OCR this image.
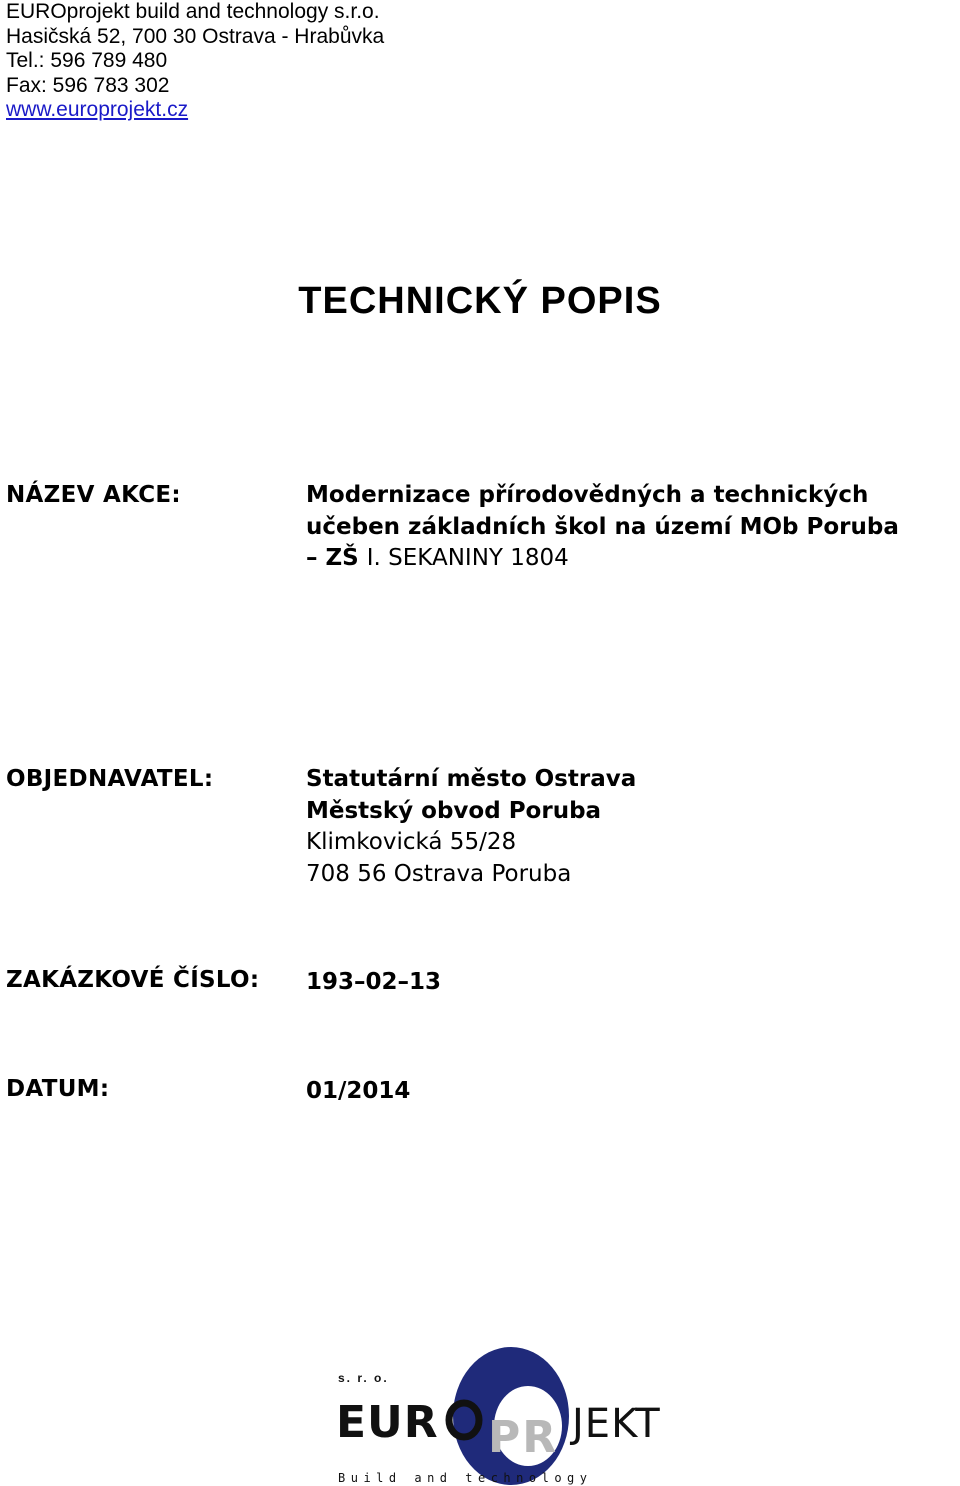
EUROprojekt build and technology s.r.o.
Hasičská 52, 700 30 Ostrava - Hrabůvka
Tel.: 596 789 480
Fax: 596 783 302
www.europrojekt.cz
TECHNICKÝ POPIS
NÁZEV AKCE:	Modernizace přírodovědných a technických
učeben základních škol na území MOb Poruba
– ZŠ I. SEKANINY 1804
OBJEDNAVATEL:	Statutární město Ostrava
Městský obvod Poruba
Klimkovická 55/28
708 56 Ostrava Poruba
ZAKÁZKOVÉ ČÍSLO: 193–02–13
DATUM:	01/2014
s. r. o.
EUR PR JEKT
Build and technology
